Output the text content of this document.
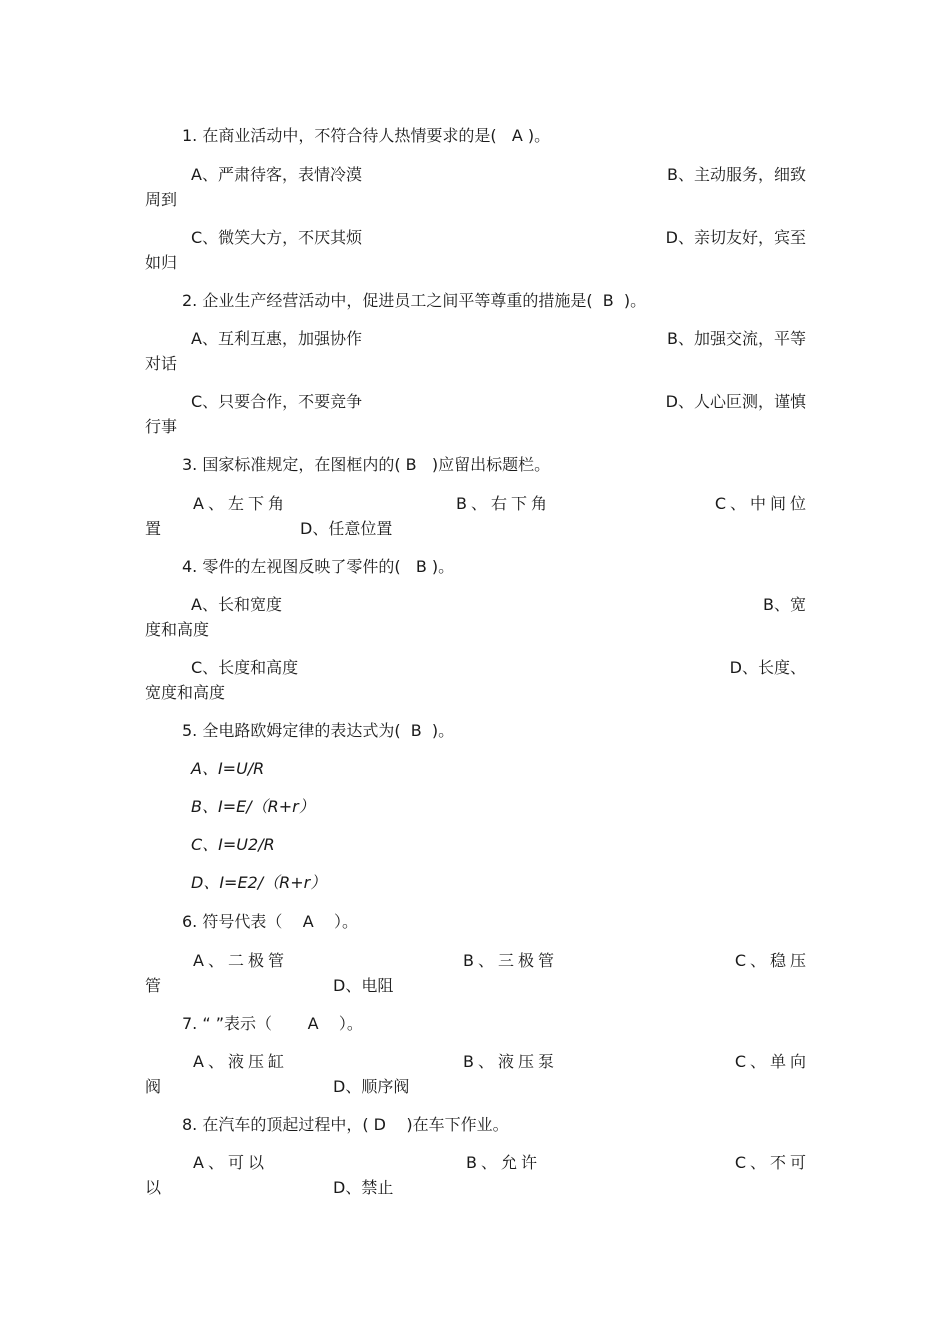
1. 在商业活动中，不符合待人热情要求的是(   A )。
A、严肃待客，表情冷漠	B、主动服务，细致
周到
C、微笑大方，不厌其烦	D、亲切友好，宾至
如归
2. 企业生产经营活动中，促进员工之间平等尊重的措施是(  B  )。
A、互利互惠，加强协作	B、加强交流，平等
对话
C、只要合作，不要竞争	D、人心叵测，谨慎
行事
3. 国家标准规定，在图框内的( B   )应留出标题栏。
A、左下角	B、右下角	C、中间位
置	D、任意位置
4. 零件的左视图反映了零件的(   B )。
A、长和宽度	B、宽
度和高度
C、长度和高度	D、长度、
宽度和高度
5. 全电路欧姆定律的表达式为(  B  )。
A、I=U/R
B、I=E/（R+r）
C、I=U2/R
D、I=E2/（R+r）
6. 符号代表（    A    ）。
A、二极管	B、三极管	C、稳压
管	D、电阻
7. “ ”表示（       A    ）。
A、液压缸	B、液压泵	C、单向
阀	D、顺序阀
8. 在汽车的顶起过程中，( D    )在车下作业。
A、可以	B、允许	C、不可
以	D、禁止
